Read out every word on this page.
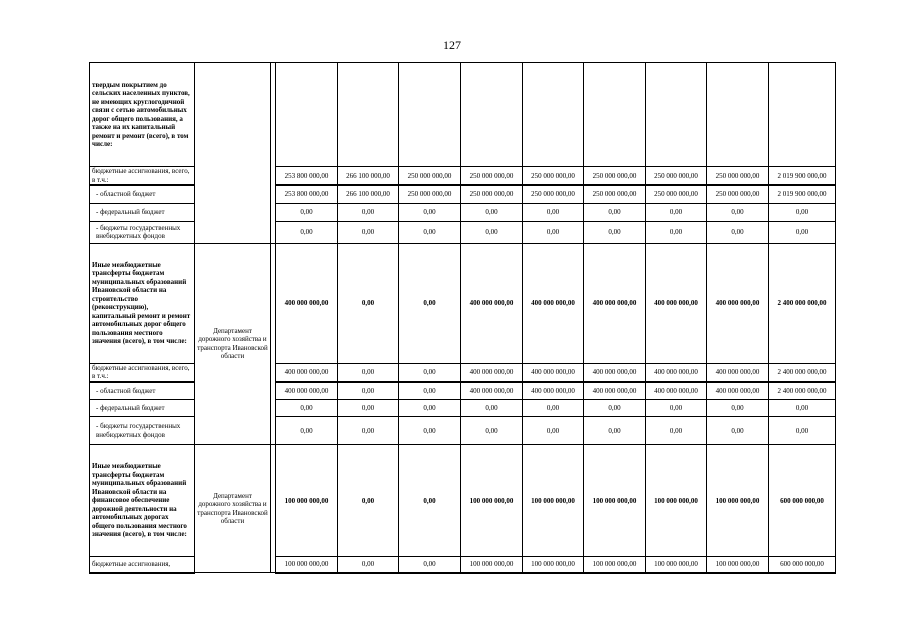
127
твердым покрытием до сельских населенных пунктов, не имеющих круглогодичной связи с сетью автомобильных дорог общего пользования, а также на их капитальный ремонт и ремонт (всего), в том числе:											
бюджетные ассигнования, всего, в т.ч.:			253 800 000,00	266 100 000,00	250 000 000,00	250 000 000,00	250 000 000,00	250 000 000,00	250 000 000,00	250 000 000,00	2 019 900 000,00
- областной бюджет			253 800 000,00	266 100 000,00	250 000 000,00	250 000 000,00	250 000 000,00	250 000 000,00	250 000 000,00	250 000 000,00	2 019 900 000,00
- федеральный бюджет			0,00	0,00	0,00	0,00	0,00	0,00	0,00	0,00	0,00
- бюджеты государственных внебюджетных фондов			0,00	0,00	0,00	0,00	0,00	0,00	0,00	0,00	0,00
Иные межбюджетные трансферты бюджетам муниципальных образований Ивановской области на строительство (реконструкцию), капитальный ремонт и ремонт автомобильных дорог общего пользования местного значения (всего), в том числе:	Департамент дорожного хозяйства и транспорта Ивановской области		400 000 000,00	0,00	0,00	400 000 000,00	400 000 000,00	400 000 000,00	400 000 000,00	400 000 000,00	2 400 000 000,00
бюджетные ассигнования, всего, в т.ч.:			400 000 000,00	0,00	0,00	400 000 000,00	400 000 000,00	400 000 000,00	400 000 000,00	400 000 000,00	2 400 000 000,00
- областной бюджет			400 000 000,00	0,00	0,00	400 000 000,00	400 000 000,00	400 000 000,00	400 000 000,00	400 000 000,00	2 400 000 000,00
- федеральный бюджет			0,00	0,00	0,00	0,00	0,00	0,00	0,00	0,00	0,00
- бюджеты государственных внебюджетных фондов			0,00	0,00	0,00	0,00	0,00	0,00	0,00	0,00	0,00
Иные межбюджетные трансферты бюджетам муниципальных образований Ивановской области на финансовое обеспечение дорожной деятельности на автомобильных дорогах общего пользования местного значения (всего), в том числе:	Департамент дорожного хозяйства и транспорта Ивановской области		100 000 000,00	0,00	0,00	100 000 000,00	100 000 000,00	100 000 000,00	100 000 000,00	100 000 000,00	600 000 000,00
бюджетные ассигнования,			100 000 000,00	0,00	0,00	100 000 000,00	100 000 000,00	100 000 000,00	100 000 000,00	100 000 000,00	600 000 000,00
